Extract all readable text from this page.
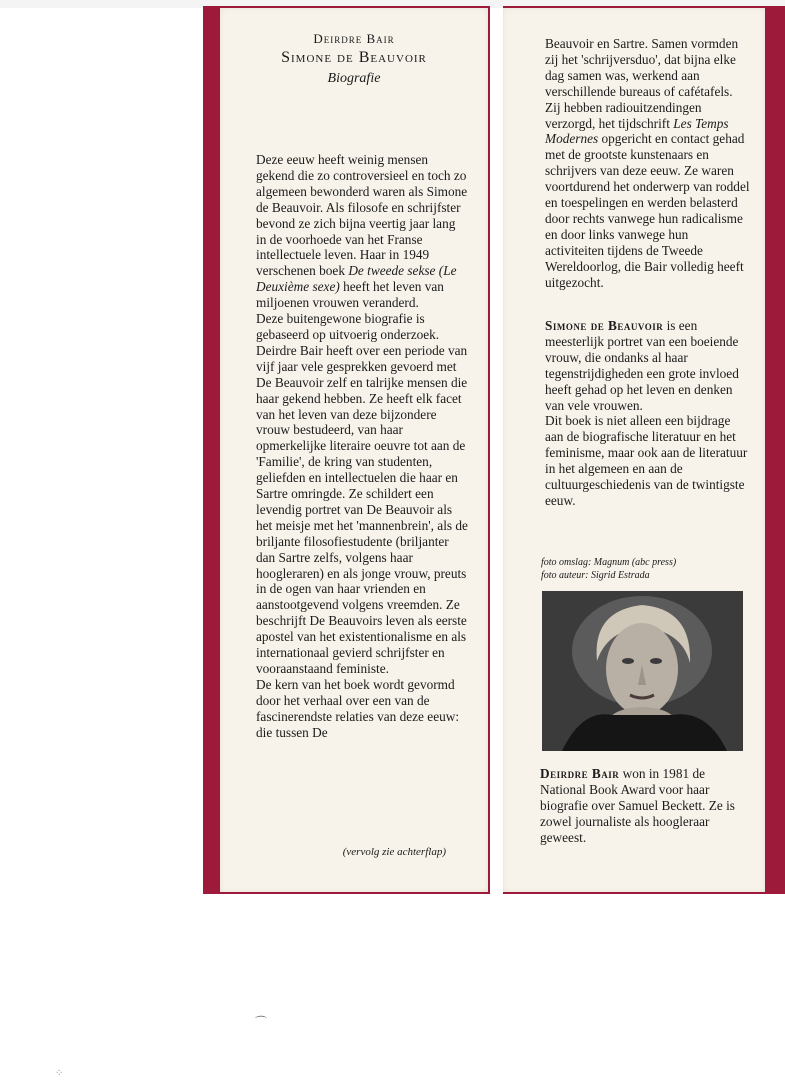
Deirdre Bair
Simone de Beauvoir
Biografie

Deze eeuw heeft weinig mensen gekend die zo controversieel en toch zo algemeen bewonderd waren als Simone de Beauvoir. Als filosofe en schrijfster bevond ze zich bijna veertig jaar lang in de voorhoede van het Franse intellectuele leven. Haar in 1949 verschenen boek De tweede sekse (Le Deuxième sexe) heeft het leven van miljoenen vrouwen veranderd.

Deze buitengewone biografie is gebaseerd op uitvoerig onderzoek. Deirdre Bair heeft over een periode van vijf jaar vele gesprekken gevoerd met De Beauvoir zelf en talrijke mensen die haar gekend hebben. Ze heeft elk facet van het leven van deze bijzondere vrouw bestudeerd, van haar opmerkelijke literaire oeuvre tot aan de 'Familie', de kring van studenten, geliefden en intellectuelen die haar en Sartre omringde. Ze schildert een levendig portret van De Beauvoir als het meisje met het 'mannenbrein', als de briljante filosofiestudente (briljanter dan Sartre zelfs, volgens haar hoogleraren) en als jonge vrouw, preuts in de ogen van haar vrienden en aanstootgevend volgens vreemden. Ze beschrijft De Beauvoirs leven als eerste apostel van het existentionalisme en als internationaal gevierd schrijfster en vooraanstaand feministe.

De kern van het boek wordt gevormd door het verhaal over een van de fascinerendste relaties van deze eeuw: die tussen De

(vervolg zie achterflap)

Beauvoir en Sartre. Samen vormden zij het 'schrijversduo', dat bijna elke dag samen was, werkend aan verschillende bureaus of cafétafels. Zij hebben radiouitzendingen verzorgd, het tijdschrift Les Temps Modernes opgericht en contact gehad met de grootste kunstenaars en schrijvers van deze eeuw. Ze waren voortdurend het onderwerp van roddel en toespelingen en werden belasterd door rechts vanwege hun radicalisme en door links vanwege hun activiteiten tijdens de Tweede Wereldoorlog, die Bair volledig heeft uitgezocht.

Simone de Beauvoir is een meesterlijk portret van een boeiende vrouw, die ondanks al haar tegenstrijdigheden een grote invloed heeft gehad op het leven en denken van vele vrouwen.

Dit boek is niet alleen een bijdrage aan de biografische literatuur en het feminisme, maar ook aan de literatuur in het algemeen en aan de cultuurgeschiedenis van de twintigste eeuw.

foto omslag: Magnum (abc press)
foto auteur: Sigrid Estrada

Deirdre Bair won in 1981 de National Book Award voor haar biografie over Samuel Beckett. Ze is zowel journaliste als hoogleraar geweest.

⌒
⁘
